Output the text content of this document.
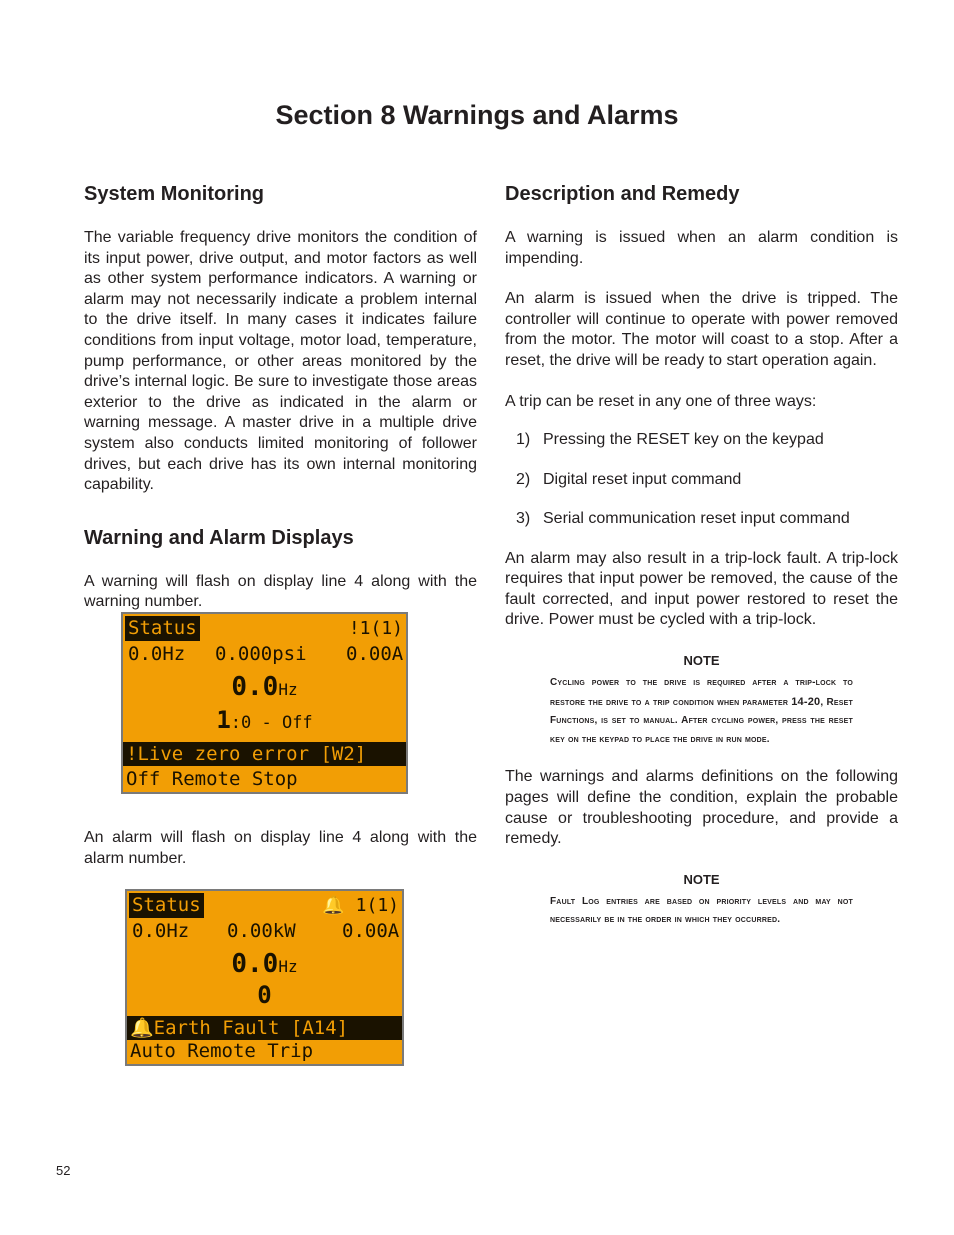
Section 8 Warnings and Alarms
System Monitoring

The variable frequency drive monitors the condition of its input power, drive output, and motor factors as well as other system performance indicators. A warning or alarm may not necessarily indicate a problem internal to the drive itself. In many cases it indicates failure conditions from input voltage, motor load, temperature, pump performance, or other areas monitored by the drive’s internal logic. Be sure to investigate those areas exterior to the drive as indicated in the alarm or warning message. A master drive in a multiple drive system also conducts limited monitoring of follower drives, but each drive has its own internal monitoring capability.

Warning and Alarm Displays

A warning will flash on display line 4 along with the warning number.

An alarm will flash on display line 4 along with the alarm number.

Status	!1(1)
0.0Hz 0.000psi 0.00A
0.0Hz
1:0 - Off
!Live zero error [W2]
Off Remote Stop
Status	🔔 1(1)
0.0Hz 0.00kW 0.00A
0.0Hz
0
🔔Earth Fault [A14]
Auto Remote Trip
Description and Remedy

A warning is issued when an alarm condition is impending.

An alarm is issued when the drive is tripped. The controller will continue to operate with power removed from the motor. The motor will coast to a stop. After a reset, the drive will be ready to start operation again.

A trip can be reset in any one of three ways:

1) Pressing the RESET key on the keypad
2) Digital reset input command
3) Serial communication reset input command

An alarm may also result in a trip-lock fault. A trip-lock requires that input power be removed, the cause of the fault corrected, and input power restored to reset the drive. Power must be cycled with a trip-lock.

NOTE
Cycling power to the drive is required after a trip-lock to restore the drive to a trip condition when parameter 14-20, Reset Functions, is set to manual. After cycling power, press the reset key on the keypad to place the drive in run mode.

The warnings and alarms definitions on the following pages will define the condition, explain the probable cause or troubleshooting procedure, and provide a remedy.

NOTE
Fault Log entries are based on priority levels and may not necessarily be in the order in which they occurred.
52
